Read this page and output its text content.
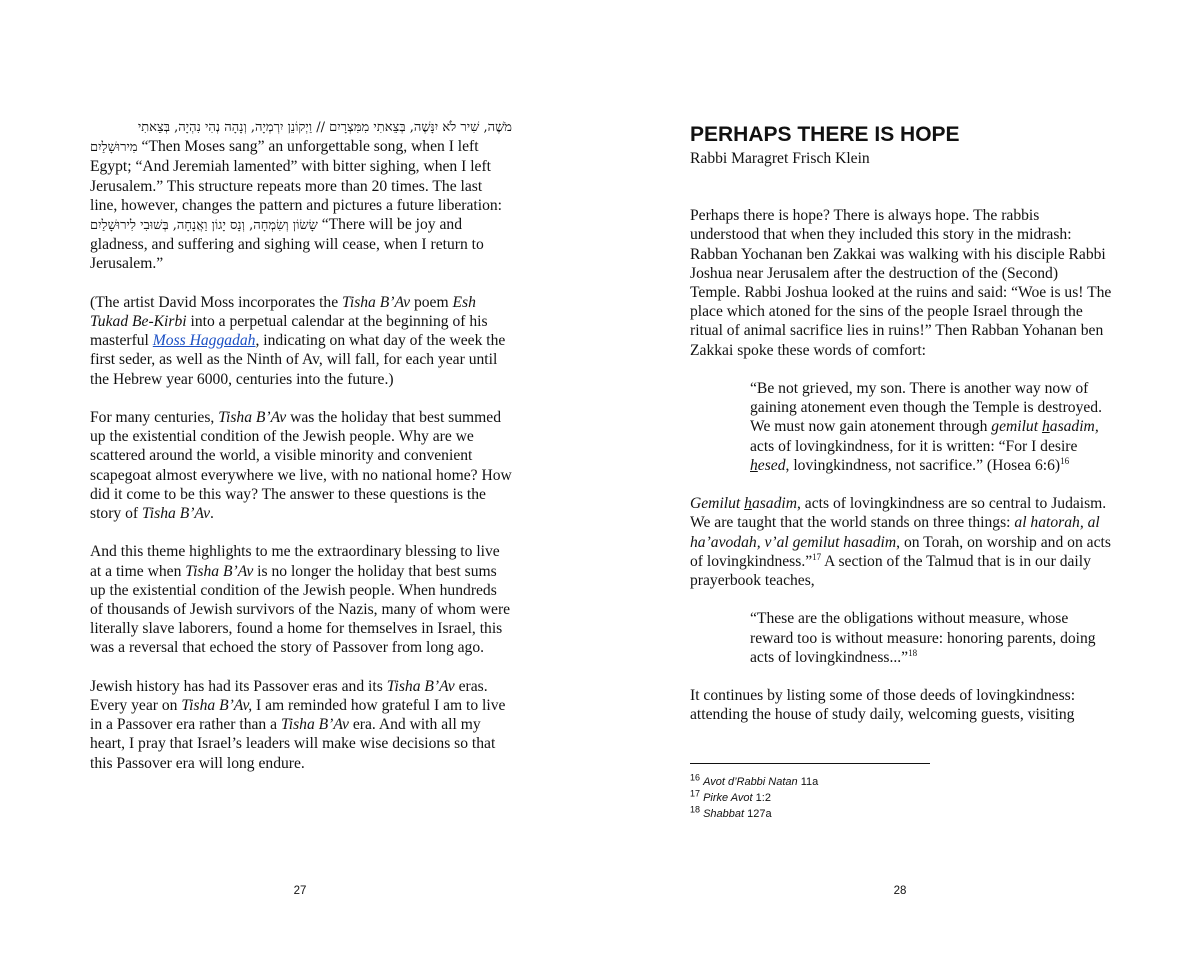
מֹשֶׁה, שִׁיר לֹא יִנָּשֶׁה, בְּצֵאתִי מִמִּצְרָיִם // וַיְקוֹנֵן יִרְמְיָה, וְנָהָה נְהִי נִהְיָה, בְּצֵאתִי
מִירוּשָׁלַיִם “Then Moses sang” an unforgettable song, when I left Egypt; “And Jeremiah lamented” with bitter sighing, when I left Jerusalem.” This structure repeats more than 20 times. The last line, however, changes the pattern and pictures a future liberation: שָׂשׂוֹן וְשִׂמְחָה, וְנָס יָגוֹן וַאֲנָחָה, בְּשׁוּבִי לִירוּשָׁלַיִם “There will be joy and gladness, and suffering and sighing will cease, when I return to Jerusalem.”

(The artist David Moss incorporates the Tisha B’Av poem Esh Tukad Be-Kirbi into a perpetual calendar at the beginning of his masterful Moss Haggadah, indicating on what day of the week the first seder, as well as the Ninth of Av, will fall, for each year until the Hebrew year 6000, centuries into the future.)

For many centuries, Tisha B’Av was the holiday that best summed up the existential condition of the Jewish people. Why are we scattered around the world, a visible minority and convenient scapegoat almost everywhere we live, with no national home? How did it come to be this way? The answer to these questions is the story of Tisha B’Av.

And this theme highlights to me the extraordinary blessing to live at a time when Tisha B’Av is no longer the holiday that best sums up the existential condition of the Jewish people. When hundreds of thousands of Jewish survivors of the Nazis, many of whom were literally slave laborers, found a home for themselves in Israel, this was a reversal that echoed the story of Passover from long ago.

Jewish history has had its Passover eras and its Tisha B’Av eras. Every year on Tisha B’Av, I am reminded how grateful I am to live in a Passover era rather than a Tisha B’Av era. And with all my heart, I pray that Israel’s leaders will make wise decisions so that this Passover era will long endure.

27
PERHAPS THERE IS HOPE

Rabbi Maragret Frisch Klein

Perhaps there is hope? There is always hope. The rabbis understood that when they included this story in the midrash: Rabban Yochanan ben Zakkai was walking with his disciple Rabbi Joshua near Jerusalem after the destruction of the (Second) Temple. Rabbi Joshua looked at the ruins and said: “Woe is us! The place which atoned for the sins of the people Israel through the ritual of animal sacrifice lies in ruins!” Then Rabban Yohanan ben Zakkai spoke these words of comfort:

“Be not grieved, my son. There is another way now of gaining atonement even though the Temple is destroyed. We must now gain atonement through gemilut hasadim, acts of lovingkindness, for it is written: “For I desire hesed, lovingkindness, not sacrifice.” (Hosea 6:6)$^{16}$

Gemilut hasadim, acts of lovingkindness are so central to Judaism. We are taught that the world stands on three things: al hatorah, al ha’avodah, v’al gemilut hasadim, on Torah, on worship and on acts of lovingkindness.”$^{17}$ A section of the Talmud that is in our daily prayerbook teaches,

“These are the obligations without measure, whose reward too is without measure: honoring parents, doing acts of lovingkindness...”$^{18}$

It continues by listing some of those deeds of lovingkindness: attending the house of study daily, welcoming guests, visiting

$^{16}$ Avot d’Rabbi Natan 11a

$^{17}$ Pirke Avot 1:2

$^{18}$ Shabbat 127a

28
